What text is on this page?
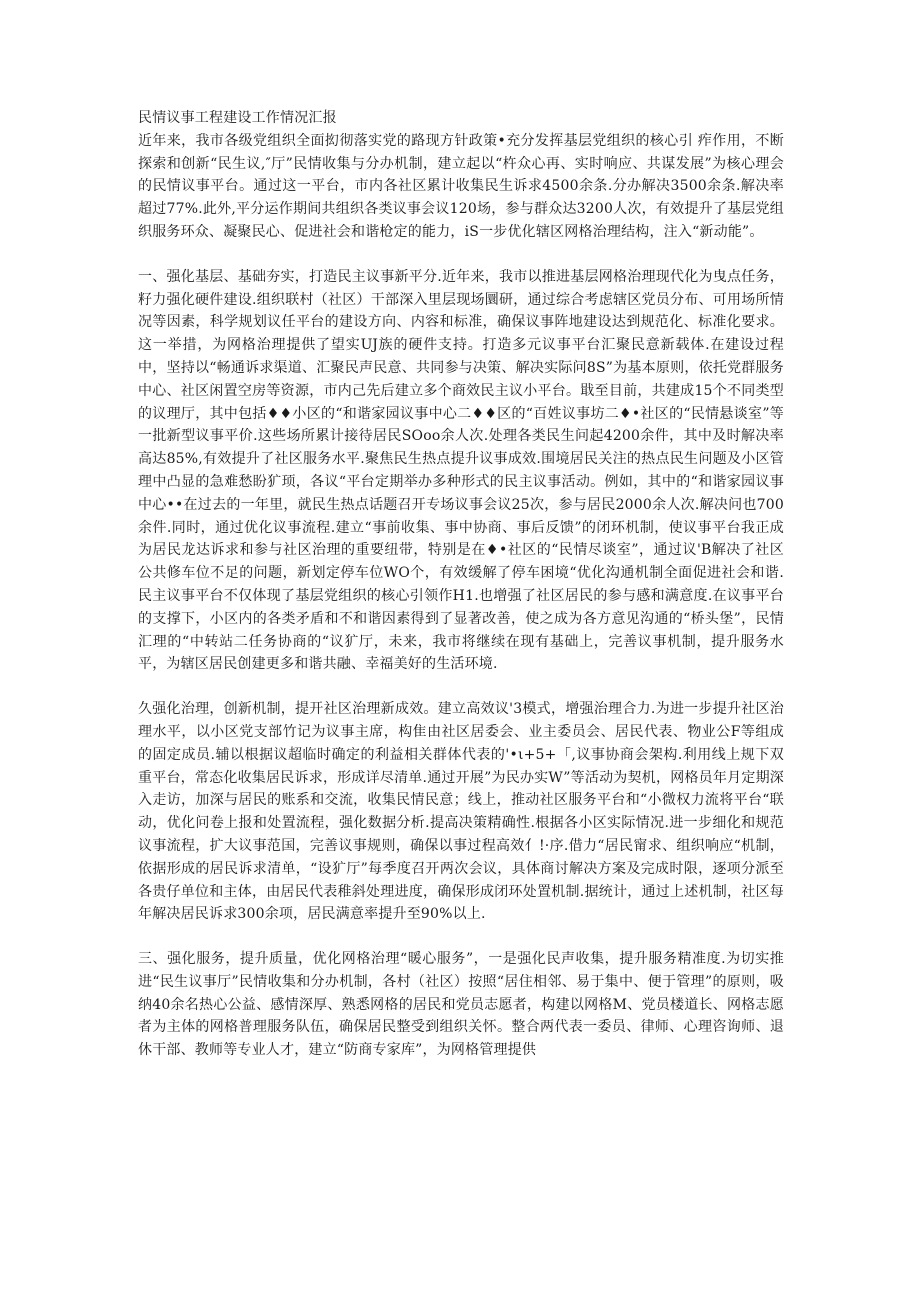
民情议事工程建设工作情况汇报

近年来，我市各级党组织全面抝彻落实党的路现方针政策•充分发挥基层党组织的核心引 痄作用，不断探索和创新“民生议,″厅”民情收集与分办机制，建立起以“杵众心再、实时响应、共谋发展”为核心理会的民情议事平台。通过这一平台，市内各社区累计收集民生诉求4500余条.分办解决3500余条.解决率超过77%.此外,平分运作期间共组织各类议事会议120场，参与群众达3200人次，有效提升了基层党组织服务环众、凝聚民心、促进社会和谐枪定的能力，iS一步优化辖区网格治理结构，注入“新动能”。

一、强化基层、基础夯实，打造民主议事新平分.近年来，我市以推进基层网格治理现代化为曳点任务，籽力强化硬件建设.组织联村（社区）干部深入里层现场圜研，通过综合考虑辖区党员分布、可用场所情况等因素，科学规划议任平台的建设方向、内容和标准，确保议事阵地建设达到规范化、标准化要求。这一举措，为网格治理提供了望实UJ族的硬件支持。打造多元议事平台汇聚民意新载体.在建设过程中，坚持以“畅通诉求渠道、汇聚民声民意、共同参与决策、解决实际问8S”为基本原则，依托党群服务中心、社区闲置空房等资源，市内己先后建立多个商效民主议小平台。戢至目前，共建成15个不同类型的议理厅，其中包括♦♦小区的“和谐家园议事中心二♦♦区的“百姓议事坊二♦•社区的“民情悬谈室”等一批新型议事平价.这些场所累计接待居民SOoo余人次.处理各类民生问起4200余件，其中及时解决率高达85%,有效提升了社区服务水平.聚焦民生热点提升议事成效.围境居民关注的热点民生问题及小区管理中凸显的急难愁盼犷顼，各议“平台定期举办多种形式的民主议事活动。例如，其中的“和谐家园议事中心••在过去的一年里，就民生热点话题召开专场议事会议25次，参与居民2000余人次.解决问也700余件.同时，通过优化议事流程.建立“事前收集、事中协商、事后反馈”的闭环机制，使议事平台我正成为居民龙达诉求和参与社区治理的重要纽带，特别是在♦•社区的“民情尽谈室”，通过议'B解决了社区公共修车位不足的问题，新划定停车位WO个，有效缓解了停车困境“优化沟通机制全面促进社会和谐.民主议事平台不仅体现了基层党组织的核心引领作H1.也增强了社区居民的参与感和满意度.在议事平台的支撑下，小区内的各类矛盾和不和谐因素得到了显著改善，使之成为各方意见沟通的“桥头堡”，民情汇理的“中转站二任务协商的“议犷厅，未来，我市将继续在现有基础上，完善议事机制，提升服务水平，为辖区居民创建更多和谐共融、幸福美好的生活环境.

久强化治理，创新机制，提开社区治理新成效。建立高效议'3模式，增强治理合力.为进一步提升社区治理水平，以小区党支部竹记为议事主席，构隹由社区居委会、业主委员会、居民代表、物业公F等组成的固定成员.辅以根据议超临时确定的利益相关群体代表的'•ι+5+「,议事协商会架构.利用线上规下双重平台，常态化收集居民诉求，形成详尽清单.通过开展”为民办实W”等活动为契机，网格员年月定期深入走访，加深与居民的账系和交流，收集民情民意；线上，推动社区服务平台和“小微权力流将平台“联动，优化问卷上报和处置流程，强化数据分析.提高决策精确性.根据各小区实际情况.进一步细化和规范议事流程，扩大议事范国，完善议事规则，确保以事过程高效亻!·序.借力“居民甯求、组织响应“机制，依据形成的居民诉求清单，“设犷厅”每季度召开两次会议，具体商讨解决方案及完成时限，逐项分派至各贵仔单位和主体，由居民代表稚斜处理进度，确保形成闭环处置机制.据统计，通过上述机制，社区每年解决居民诉求300余项，居民满意率提升至90%以上.

三、强化服务，提升质量，优化网格治理“暖心服务”，一是强化民声收集，提升服务精准度.为切实推进“民生议事厅”民情收集和分办机制，各村（社区）按照“居住相邻、易于集中、便于管理”的原则，吸纳40余名热心公益、感情深厚、熟悉网格的居民和党员志愿者，构建以网格M、党员楼道长、网格志愿者为主体的网格普理服务队伍，确保居民整受到组织关怀。整合两代表一委员、律师、心理咨询师、退休干部、教师等专业人才，建立“防商专家库”，为网格管理提供
